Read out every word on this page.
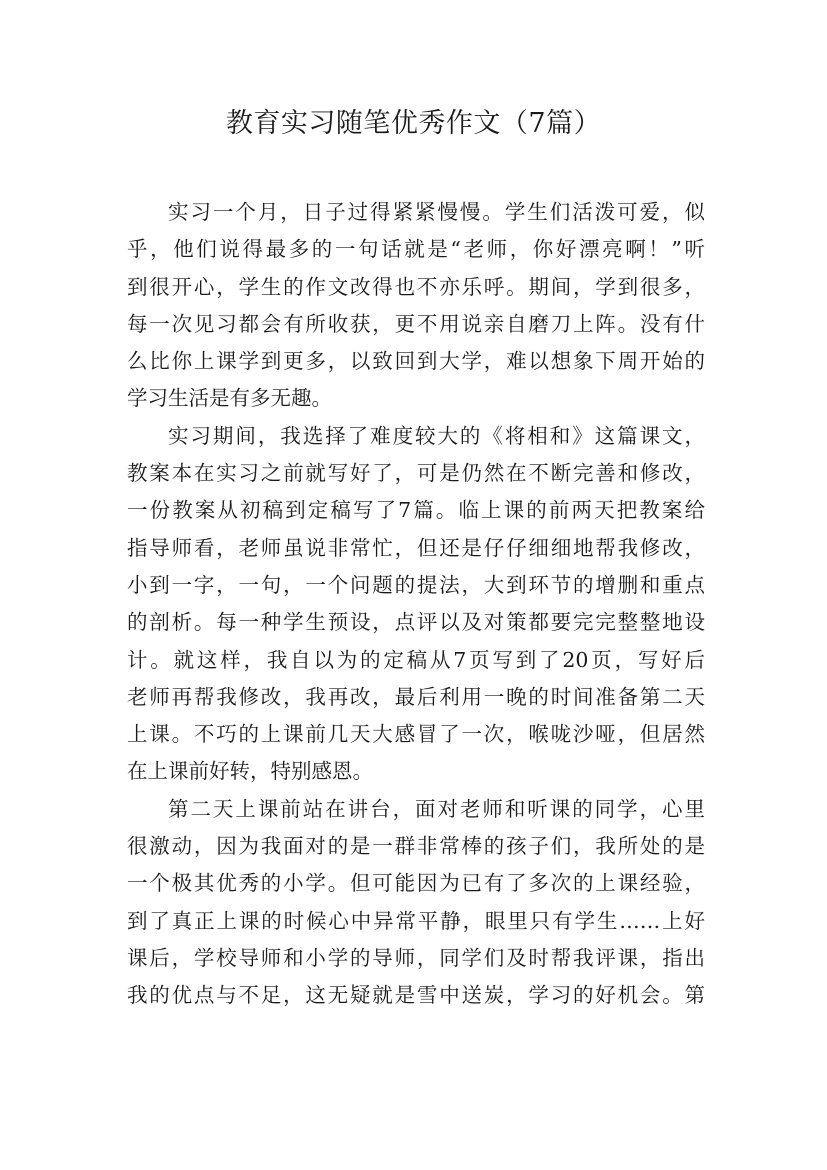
教育实习随笔优秀作文（7篇）

实习一个月，日子过得紧紧慢慢。学生们活泼可爱，似
乎，他们说得最多的一句话就是“老师，你好漂亮啊！”听
到很开心，学生的作文改得也不亦乐呼。期间，学到很多，
每一次见习都会有所收获，更不用说亲自磨刀上阵。没有什
么比你上课学到更多，以致回到大学，难以想象下周开始的
学习生活是有多无趣。

实习期间，我选择了难度较大的《将相和》这篇课文，
教案本在实习之前就写好了，可是仍然在不断完善和修改，
一份教案从初稿到定稿写了7篇。临上课的前两天把教案给
指导师看，老师虽说非常忙，但还是仔仔细细地帮我修改，
小到一字，一句，一个问题的提法，大到环节的增删和重点
的剖析。每一种学生预设，点评以及对策都要完完整整地设
计。就这样，我自以为的定稿从7页写到了20页，写好后
老师再帮我修改，我再改，最后利用一晚的时间准备第二天
上课。不巧的上课前几天大感冒了一次，喉咙沙哑，但居然
在上课前好转，特别感恩。

第二天上课前站在讲台，面对老师和听课的同学，心里
很激动，因为我面对的是一群非常棒的孩子们，我所处的是
一个极其优秀的小学。但可能因为已有了多次的上课经验，
到了真正上课的时候心中异常平静，眼里只有学生……上好
课后，学校导师和小学的导师，同学们及时帮我评课，指出
我的优点与不足，这无疑就是雪中送炭，学习的好机会。第
